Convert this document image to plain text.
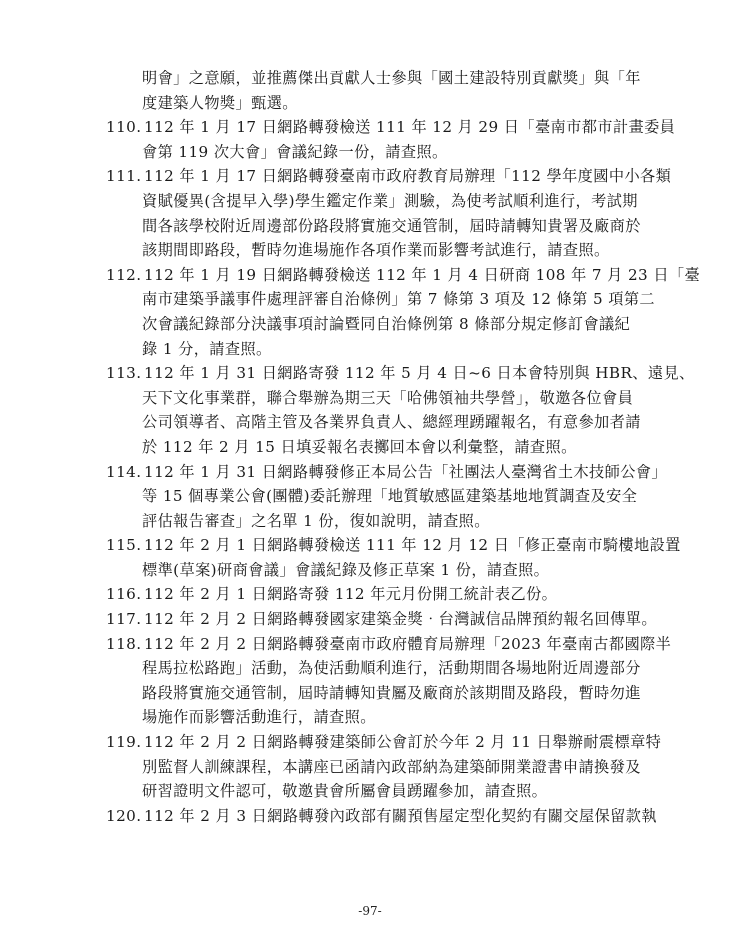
明會」之意願，並推薦傑出貢獻人士參與「國土建設特別貢獻獎」與「年
度建築人物獎」甄選。
110. 112 年 1 月 17 日網路轉發檢送 111 年 12 月 29 日「臺南市都市計畫委員
會第 119 次大會」會議紀錄一份，請查照。
111. 112 年 1 月 17 日網路轉發臺南市政府教育局辦理「112 學年度國中小各類
資賦優異(含提早入學)學生鑑定作業」測驗，為使考試順利進行，考試期
間各該學校附近周邊部份路段將實施交通管制，屆時請轉知貴署及廠商於
該期間即路段，暫時勿進場施作各項作業而影響考試進行，請查照。
112. 112 年 1 月 19 日網路轉發檢送 112 年 1 月 4 日研商 108 年 7 月 23 日「臺
南市建築爭議事件處理評審自治條例」第 7 條第 3 項及 12 條第 5 項第二
次會議紀錄部分決議事項討論暨同自治條例第 8 條部分規定修訂會議紀
錄 1 分，請查照。
113. 112 年 1 月 31 日網路寄發 112 年 5 月 4 日~6 日本會特別與 HBR、遠見、
天下文化事業群，聯合舉辦為期三天「哈佛領袖共學營」，敬邀各位會員
公司領導者、高階主管及各業界負責人、總經理踴躍報名，有意參加者請
於 112 年 2 月 15 日填妥報名表擲回本會以利彙整，請查照。
114. 112 年 1 月 31 日網路轉發修正本局公告「社團法人臺灣省土木技師公會」
等 15 個專業公會(團體)委託辦理「地質敏感區建築基地地質調查及安全
評估報告審查」之名單 1 份，復如說明，請查照。
115. 112 年 2 月 1 日網路轉發檢送 111 年 12 月 12 日「修正臺南市騎樓地設置
標準(草案)研商會議」會議紀錄及修正草案 1 份，請查照。
116. 112 年 2 月 1 日網路寄發 112 年元月份開工統計表乙份。
117. 112 年 2 月 2 日網路轉發國家建築金獎‧台灣誠信品牌預約報名回傳單。
118. 112 年 2 月 2 日網路轉發臺南市政府體育局辦理「2023 年臺南古都國際半
程馬拉松路跑」活動，為使活動順利進行，活動期間各場地附近周邊部分
路段將實施交通管制，屆時請轉知貴屬及廠商於該期間及路段，暫時勿進
場施作而影響活動進行，請查照。
119. 112 年 2 月 2 日網路轉發建築師公會訂於今年 2 月 11 日舉辦耐震標章特
別監督人訓練課程，本講座已函請內政部納為建築師開業證書申請換發及
研習證明文件認可，敬邀貴會所屬會員踴躍參加，請查照。
120. 112 年 2 月 3 日網路轉發內政部有關預售屋定型化契約有關交屋保留款執
-97-
